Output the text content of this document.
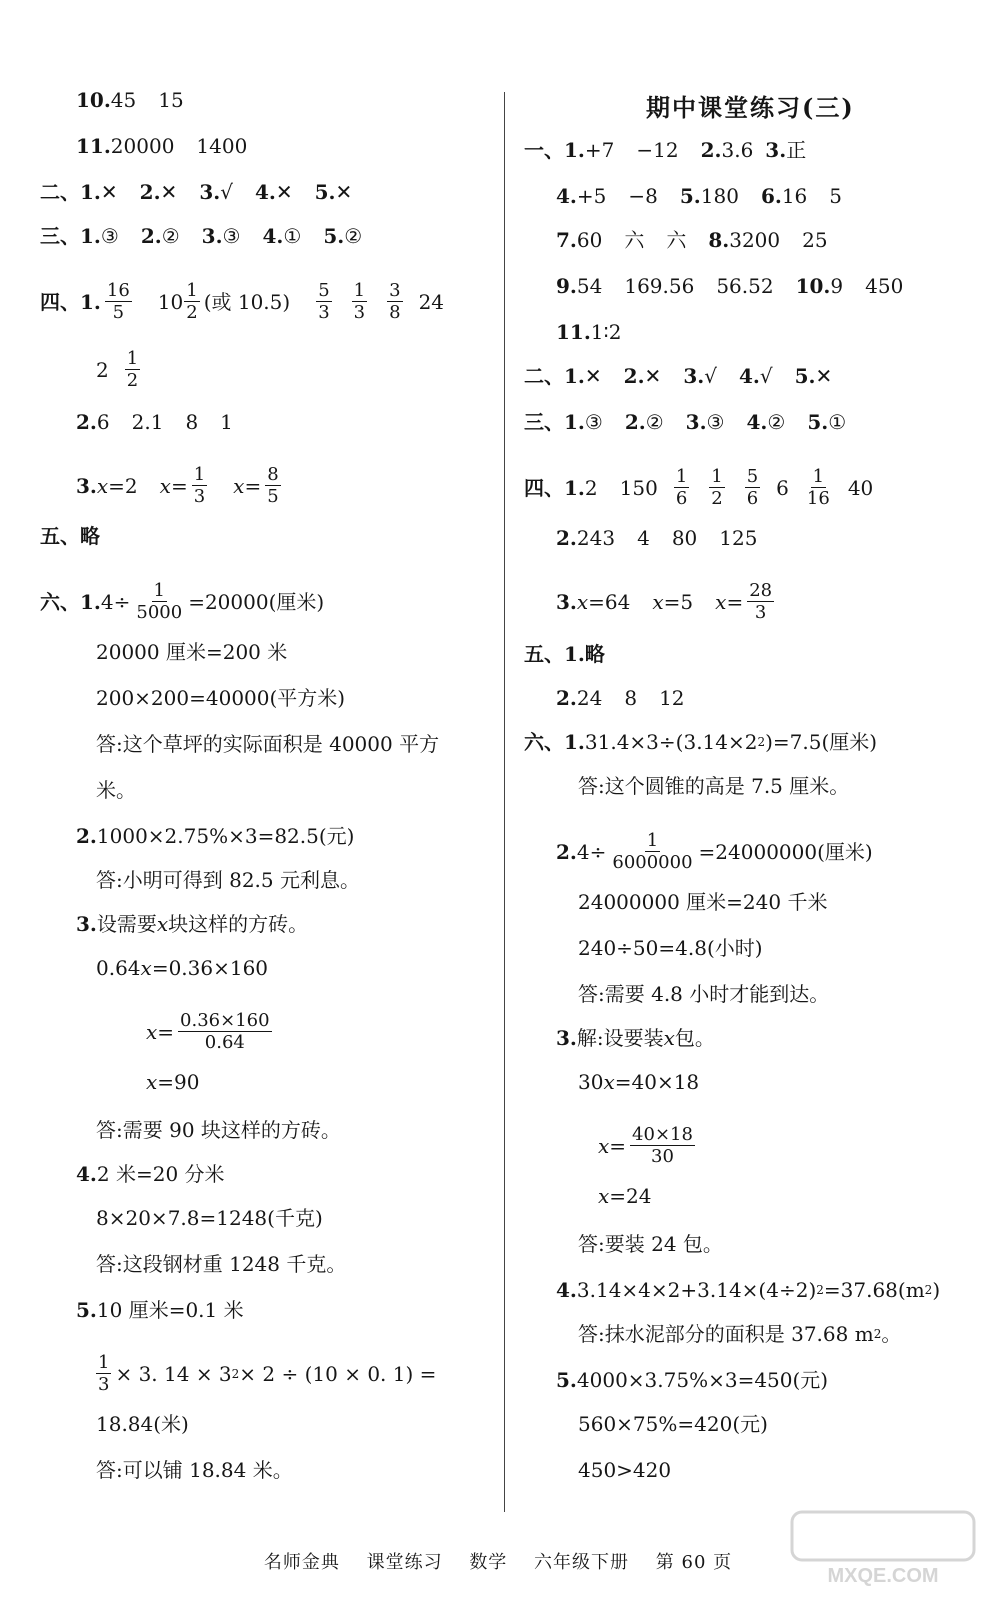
10. 45 15
11. 20000 1400
二、 1. ✕ 2. ✕ 3. √ 4. ✕ 5. ✕
三、 1. ③ 2. ② 3. ③ 4. ① 5. ②
四、 1. $\frac{16}{5} 10 \frac{1}{2}$ (或 $10.5) \frac{5}{3} \frac{1}{3} \frac{3}{8} 24$
$2 \frac{1}{2}$
2. 6 2.1 8 1
3. x =2 $x = \frac{1}{3}$ $x = \frac{8}{5}$
五、 略
六、 1. $4\div \frac{1}{5000} =20000$(厘米)
20000 厘米=200 米
200×200=40000(平方米)
答:这个草坪的实际面积是 40000 平方
米。
2. 1000×2.75%×3=82.5(元)
答:小明可得到 82.5 元利息。
3. 设需要 x 块这样的方砖。
0.64 x =0.36×160
$x = \frac{0.36\times 160}{0.64}$
x =90
答:需要 90 块这样的方砖。
4. 2 米=20 分米
8×20×7.8=1248(千克)
答:这段钢材重 1248 千克。
5. 10 厘米=0.1 米
$\frac{1}{3} \times 3$. 14 × 3 2 × 2 ÷ (10 × 0. 1) =
18.84(米)
答:可以铺 18.84 米。
期中课堂练习(三)
一、 1. +7 −12 2. 3.6 3. 正
4. +5 −8 5. 180 6. 16 5
7. 60 六 六 8. 3200 25
9. 54 169.56 56.52 10. 9 450
11. 1∶2
二、 1. ✕ 2. ✕ 3. √ 4. √ 5. ✕
三、 1. ③ 2. ② 3. ③ 4. ② 5. ①
四、 1. 2 $150 \frac{1}{6} \frac{1}{2} \frac{5}{6} 6 \frac{1}{16} 40$
2. 243 4 80 125
3. x =64 x =5 $x = \frac{28}{3}$
五、 1. 略
2. 24 8 12
六、 1. 31.4×3÷(3.14×2 2 )=7.5(厘米)
答:这个圆锥的高是 7.5 厘米。
2. $4\div \frac{1}{6000000} =24000000$(厘米)
24000000 厘米=240 千米
240÷50=4.8(小时)
答:需要 4.8 小时才能到达。
3. 解:设要装 x 包。
30 x =40×18
$x = \frac{40\times 18}{30}$
x =24
答:要装 24 包。
4. 3.14×4×2+3.14×(4÷2) 2 =37.68(m 2 )
答:抹水泥部分的面积是 37.68 m 2 。
5. 4000×3.75%×3=450(元)
560×75%=420(元)
450>420
名师金典 课堂练习 数学 六年级下册 第 60 页
MXQE.COM
